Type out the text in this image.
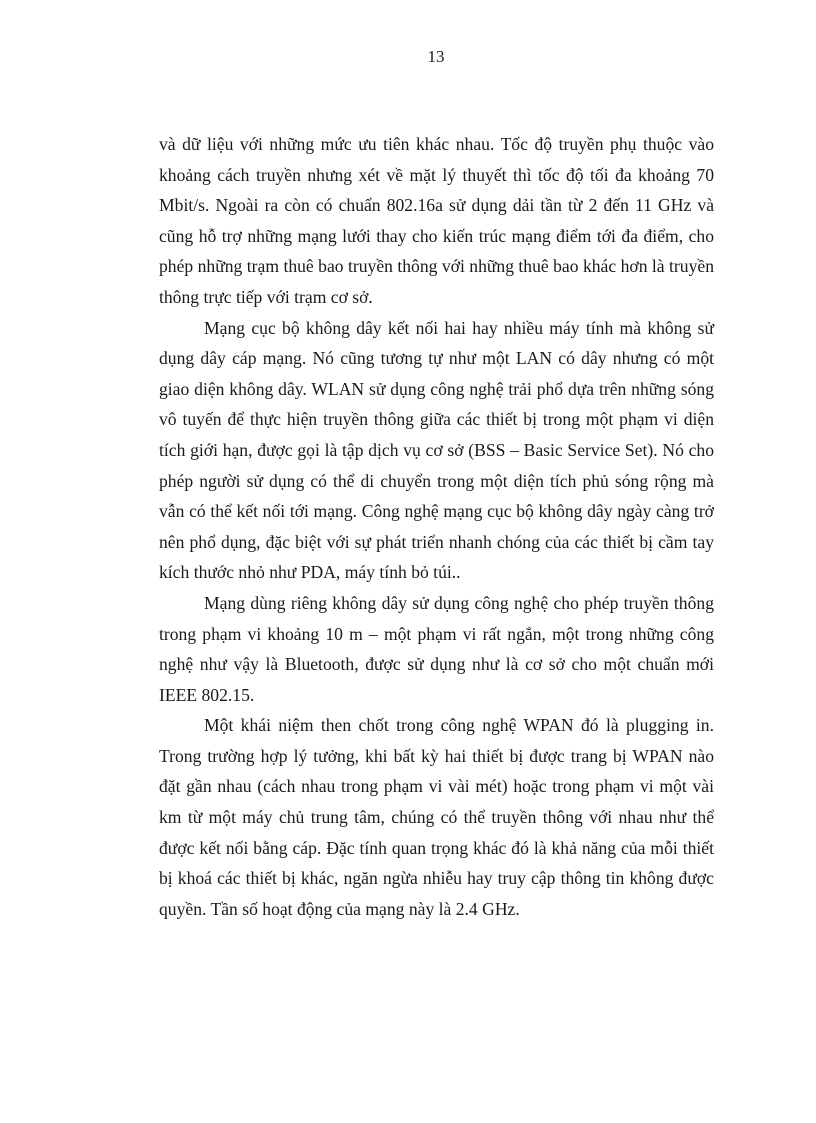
13

và dữ liệu với những mức ưu tiên khác nhau. Tốc độ truyền phụ thuộc vào
khoảng cách truyền nhưng xét về mặt lý thuyết thì tốc độ tối đa khoảng 70
Mbit/s. Ngoài ra còn có chuẩn 802.16a sử dụng dải tần từ 2 đến 11 GHz và
cũng hỗ trợ những mạng lưới thay cho kiến trúc mạng điểm tới đa điểm, cho
phép những trạm thuê bao truyền thông với những thuê bao khác hơn là truyền
thông trực tiếp với trạm cơ sở.

Mạng cục bộ không dây kết nối hai hay nhiều máy tính mà không sử
dụng dây cáp mạng. Nó cũng tương tự như một LAN có dây nhưng có một
giao diện không dây. WLAN sử dụng công nghệ trải phổ dựa trên những sóng
vô tuyến để thực hiện truyền thông giữa các thiết bị trong một phạm vi diện
tích giới hạn, được gọi là tập dịch vụ cơ sở (BSS – Basic Service Set). Nó cho
phép người sử dụng có thể di chuyển trong một diện tích phủ sóng rộng mà
vẫn có thể kết nối tới mạng. Công nghệ mạng cục bộ không dây ngày càng trở
nên phổ dụng, đặc biệt với sự phát triển nhanh chóng của các thiết bị cầm tay
kích thước nhỏ như PDA, máy tính bỏ túi..

Mạng dùng riêng không dây sử dụng công nghệ cho phép truyền thông
trong phạm vi khoảng 10 m – một phạm vi rất ngắn, một trong những công
nghệ như vậy là Bluetooth, được sử dụng như là cơ sở cho một chuẩn mới
IEEE 802.15.

Một khái niệm then chốt trong công nghệ WPAN đó là plugging in.
Trong trường hợp lý tưởng, khi bất kỳ hai thiết bị được trang bị WPAN nào
đặt gần nhau (cách nhau trong phạm vi vài mét) hoặc trong phạm vi một vài
km từ một máy chủ trung tâm, chúng có thể truyền thông với nhau như thể
được kết nối bằng cáp. Đặc tính quan trọng khác đó là khả năng của mỗi thiết
bị khoá các thiết bị khác, ngăn ngừa nhiễu hay truy cập thông tin không được
quyền. Tần số hoạt động của mạng này là 2.4 GHz.
